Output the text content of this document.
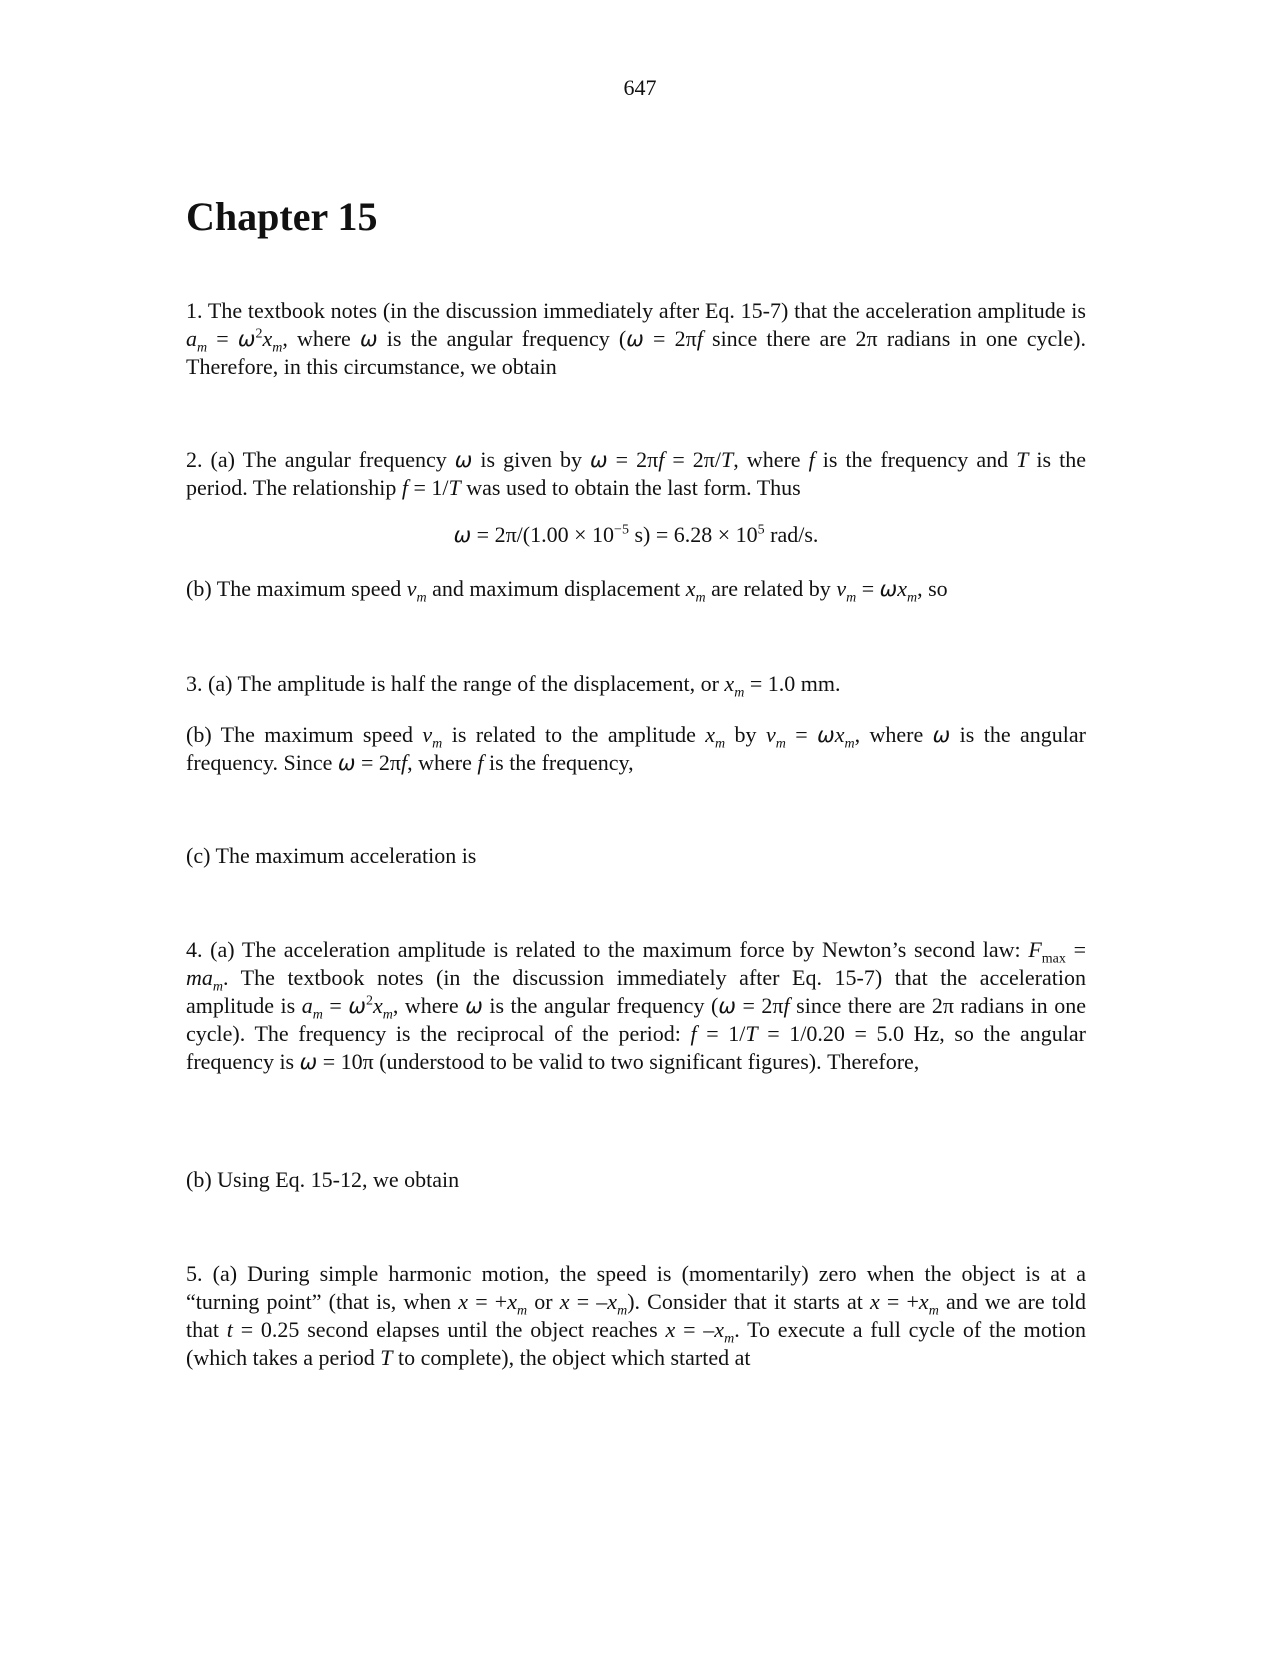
647
Chapter 15
1. The textbook notes (in the discussion immediately after Eq. 15-7) that the acceleration amplitude is $a_m = \omega^2x_m$, where ω is the angular frequency (ω = 2πf since there are 2π radians in one cycle). Therefore, in this circumstance, we obtain
2. (a) The angular frequency ω is given by ω = 2πf = 2π/T, where f is the frequency and T is the period. The relationship f = 1/T was used to obtain the last form. Thus
$\omega = 2\pi/(1.00 \times 10^{-5}$ $s) = 6.28 \times 10^5$ rad/s.
(b) The maximum speed $v_m$ and maximum displacement $x_m$ are related by $v_m = \omega x_m$, so
3. (a) The amplitude is half the range of the displacement, or $x_m = 1.0$ mm.
(b) The maximum speed $v_m$ is related to the amplitude $x_m$ by $v_m = \omega x_m$, where ω is the angular frequency. Since ω = 2πf, where f is the frequency,
(c) The maximum acceleration is
4. (a) The acceleration amplitude is related to the maximum force by Newton’s second law: $F_{max} = ma_m$. The textbook notes (in the discussion immediately after Eq. 15-7) that the acceleration amplitude is $a_m = \omega^2x_m$, where ω is the angular frequency (ω = 2πf since there are 2π radians in one cycle). The frequency is the reciprocal of the period: f = 1/T = 1/0.20 = 5.0 Hz, so the angular frequency is ω = 10π (understood to be valid to two significant figures). Therefore,
(b) Using Eq. 15-12, we obtain
5. (a) During simple harmonic motion, the speed is (momentarily) zero when the object is at a “turning point” (that is, when $x = +x_m$ or $x = -x_m$). Consider that it starts at $x = +x_m$ and we are told that t = 0.25 second elapses until the object reaches $x = -x_m$. To execute a full cycle of the motion (which takes a period T to complete), the object which started at
